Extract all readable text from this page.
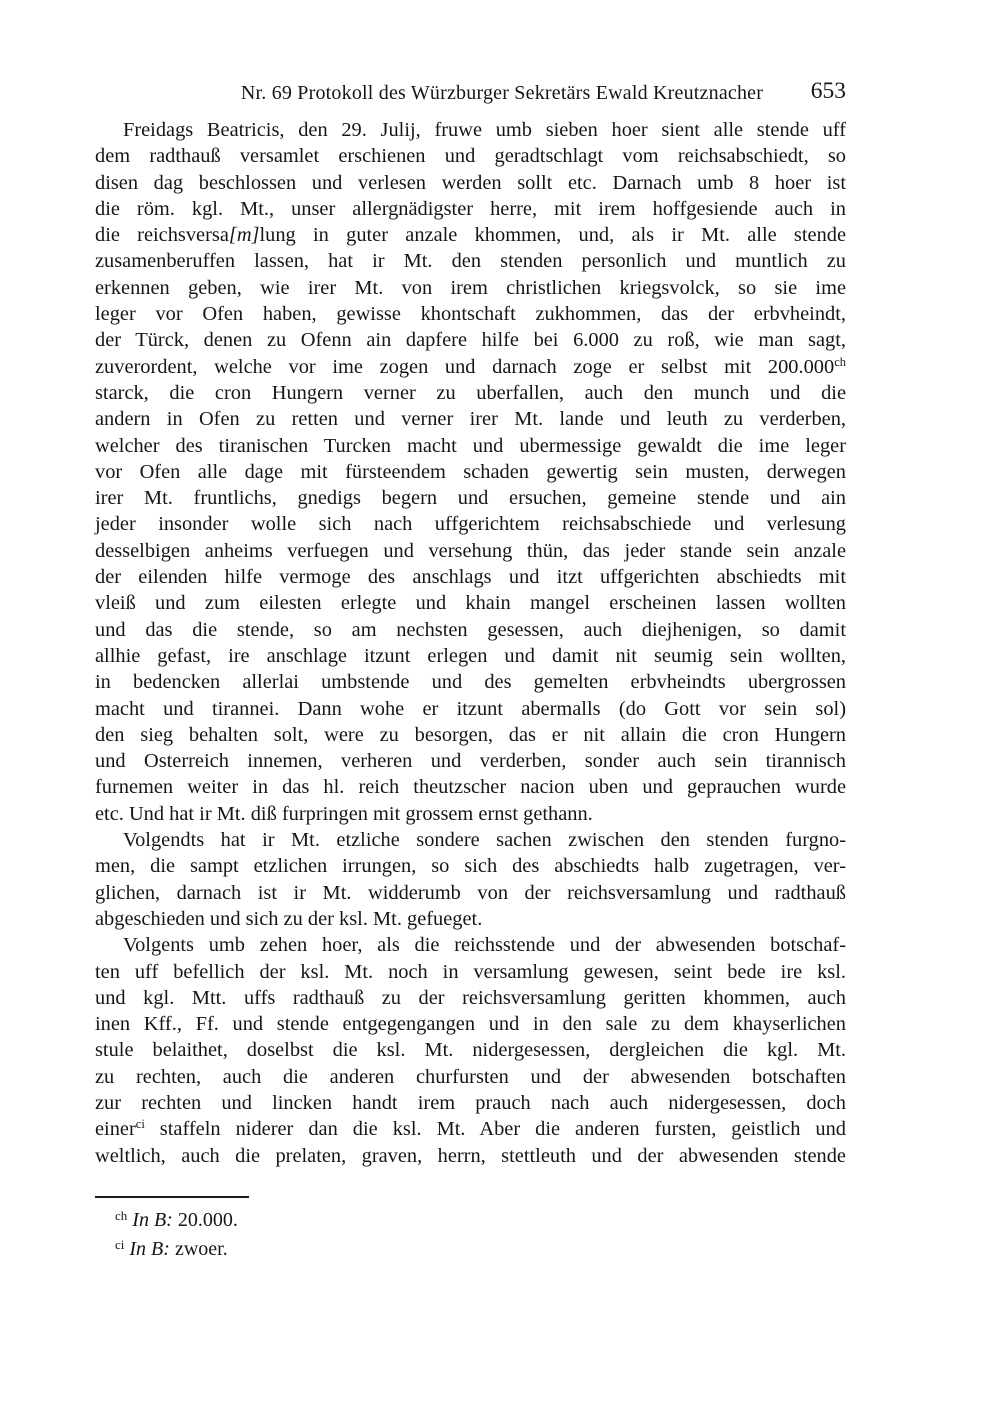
Nr. 69 Protokoll des Würzburger Sekretärs Ewald Kreutznacher	653
Freidags Beatricis, den 29. Julij, fruwe umb sieben hoer sient alle stende uff
dem radthauß versamlet erschienen und geradtschlagt vom reichsabschiedt, so
disen dag beschlossen und verlesen werden sollt etc. Darnach umb 8 hoer ist
die röm. kgl. Mt., unser allergnädigster herre, mit irem hoffgesiende auch in
die reichsversa[m]lung in guter anzale khommen, und, als ir Mt. alle stende
zusamenberuffen lassen, hat ir Mt. den stenden personlich und muntlich zu
erkennen geben, wie irer Mt. von irem christlichen kriegsvolck, so sie ime
leger vor Ofen haben, gewisse khontschaft zukhommen, das der erbvheindt,
der Türck, denen zu Ofenn ain dapfere hilfe bei 6.000 zu roß, wie man sagt,
zuverordent, welche vor ime zogen und darnach zoge er selbst mit 200.000$^{ch}$
starck, die cron Hungern verner zu uberfallen, auch den munch und die
andern in Ofen zu retten und verner irer Mt. lande und leuth zu verderben,
welcher des tiranischen Turcken macht und ubermessige gewaldt die ime leger
vor Ofen alle dage mit fürsteendem schaden gewertig sein musten, derwegen
irer Mt. fruntlichs, gnedigs begern und ersuchen, gemeine stende und ain
jeder insonder wolle sich nach uffgerichtem reichsabschiede und verlesung
desselbigen anheims verfuegen und versehung thün, das jeder stande sein anzale
der eilenden hilfe vermoge des anschlags und itzt uffgerichten abschiedts mit
vleiß und zum eilesten erlegte und khain mangel erscheinen lassen wollten
und das die stende, so am nechsten gesessen, auch diejhenigen, so damit
allhie gefast, ire anschlage itzunt erlegen und damit nit seumig sein wollten,
in bedencken allerlai umbstende und des gemelten erbvheindts ubergrossen
macht und tirannei. Dann wohe er itzunt abermalls (do Gott vor sein sol)
den sieg behalten solt, were zu besorgen, das er nit allain die cron Hungern
und Osterreich innemen, verheren und verderben, sonder auch sein tirannisch
furnemen weiter in das hl. reich theutzscher nacion uben und geprauchen wurde
etc. Und hat ir Mt. diß furpringen mit grossem ernst gethann.
Volgendts hat ir Mt. etzliche sondere sachen zwischen den stenden furgno-
men, die sampt etzlichen irrungen, so sich des abschiedts halb zugetragen, ver-
glichen, darnach ist ir Mt. widderumb von der reichsversamlung und radthauß
abgeschieden und sich zu der ksl. Mt. gefueget.
Volgents umb zehen hoer, als die reichsstende und der abwesenden botschaf-
ten uff befellich der ksl. Mt. noch in versamlung gewesen, seint bede ire ksl.
und kgl. Mtt. uffs radthauß zu der reichsversamlung geritten khommen, auch
inen Kff., Ff. und stende entgegengangen und in den sale zu dem khayserlichen
stule belaithet, doselbst die ksl. Mt. nidergesessen, dergleichen die kgl. Mt.
zu rechten, auch die anderen churfursten und der abwesenden botschaften
zur rechten und lincken handt irem prauch nach auch nidergesessen, doch
einer$^{ci}$ staffeln niderer dan die ksl. Mt. Aber die anderen fursten, geistlich und
weltlich, auch die prelaten, graven, herrn, stettleuth und der abwesenden stende
$^{ch}$ In B: 20.000.
$^{ci}$ In B: zwoer.
